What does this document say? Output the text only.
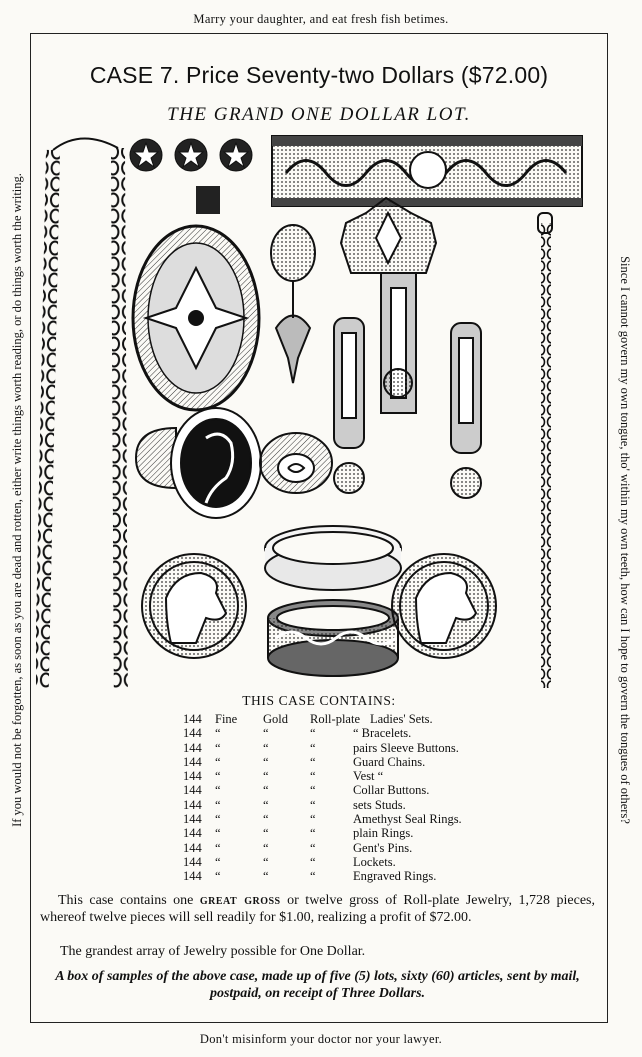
Marry your daughter, and eat fresh fish betimes.
If you would not be forgotten, as soon as you are dead and rotten, either write things worth reading, or do things worth the writing.	Since I cannot govern my own tongue, tho' within my own teeth, how can I hope to govern the tongues of others?
CASE 7. Price Seventy-two Dollars ($72.00)
THE GRAND ONE DOLLAR LOT.
THIS CASE CONTAINS:
144 Fine Gold Roll-plate Ladies' Sets.
144 “	“	“	“ Bracelets.
144 “	“	“	pairs Sleeve Buttons.
144 “	“	“	Guard Chains.
144 “	“	“	Vest “
144 “	“	“	Collar Buttons.
144 “	“	“	sets Studs.
144 “	“	“	Amethyst Seal Rings.
144 “	“	“	plain Rings.
144 “	“	“	Gent's Pins.
144 “	“	“	Lockets.
144 “	“	“	Engraved Rings.
This case contains one great gross or twelve gross of Roll-plate Jewelry, 1,728 pieces, whereof twelve pieces will sell readily for $1.00, realizing a profit of $72.00.
The grandest array of Jewelry possible for One Dollar.
A box of samples of the above case, made up of five (5) lots, sixty (60) articles, sent by mail, postpaid, on receipt of Three Dollars.
Don't misinform your doctor nor your lawyer.
